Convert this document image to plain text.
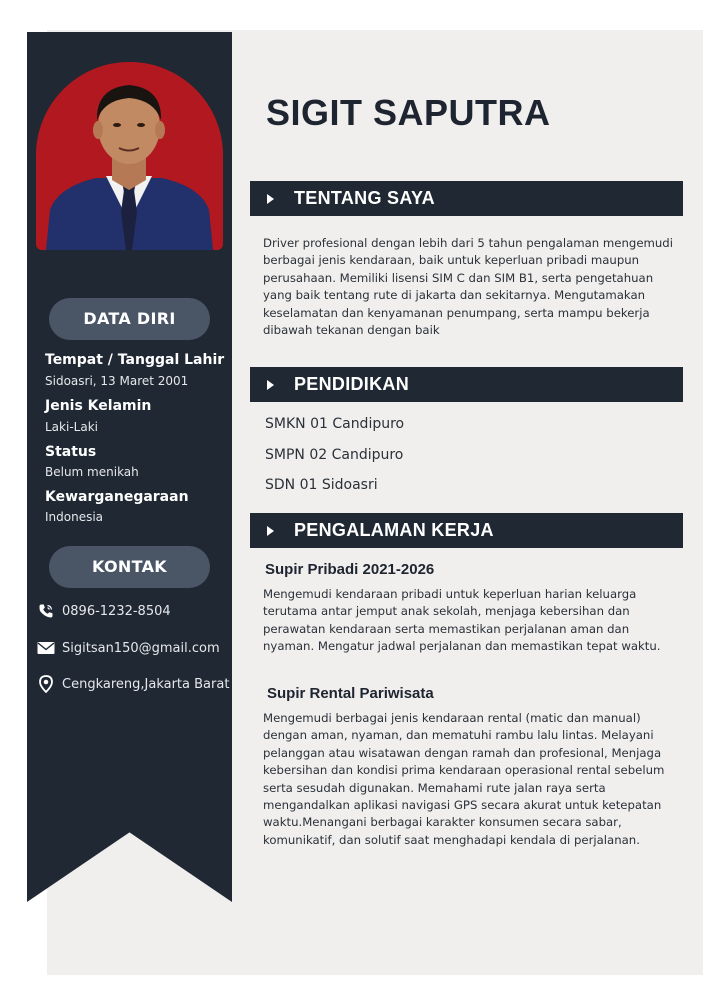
DATA DIRI
Tempat / Tanggal Lahir
Sidoasri, 13 Maret 2001
Jenis Kelamin
Laki-Laki
Status
Belum menikah
Kewarganegaraan
Indonesia
KONTAK
0896-1232-8504
Sigitsan150@gmail.com
Cengkareng,Jakarta Barat
SIGIT SAPUTRA
TENTANG SAYA
Driver profesional dengan lebih dari 5 tahun pengalaman mengemudi berbagai jenis kendaraan, baik untuk keperluan pribadi maupun perusahaan. Memiliki lisensi SIM C dan SIM B1, serta pengetahuan yang baik tentang rute di jakarta dan sekitarnya. Mengutamakan keselamatan dan kenyamanan penumpang, serta mampu bekerja dibawah tekanan dengan baik
PENDIDIKAN
SMKN 01 Candipuro
SMPN 02 Candipuro
SDN 01 Sidoasri
PENGALAMAN KERJA
Supir Pribadi 2021-2026
Mengemudi kendaraan pribadi untuk keperluan harian keluarga terutama antar jemput anak sekolah, menjaga kebersihan dan perawatan kendaraan serta memastikan perjalanan aman dan nyaman. Mengatur jadwal perjalanan dan memastikan tepat waktu.
Supir Rental Pariwisata
Mengemudi berbagai jenis kendaraan rental (matic dan manual) dengan aman, nyaman, dan mematuhi rambu lalu lintas. Melayani pelanggan atau wisatawan dengan ramah dan profesional, Menjaga kebersihan dan kondisi prima kendaraan operasional rental sebelum serta sesudah digunakan. Memahami rute jalan raya serta mengandalkan aplikasi navigasi GPS secara akurat untuk ketepatan waktu.Menangani berbagai karakter konsumen secara sabar, komunikatif, dan solutif saat menghadapi kendala di perjalanan.
